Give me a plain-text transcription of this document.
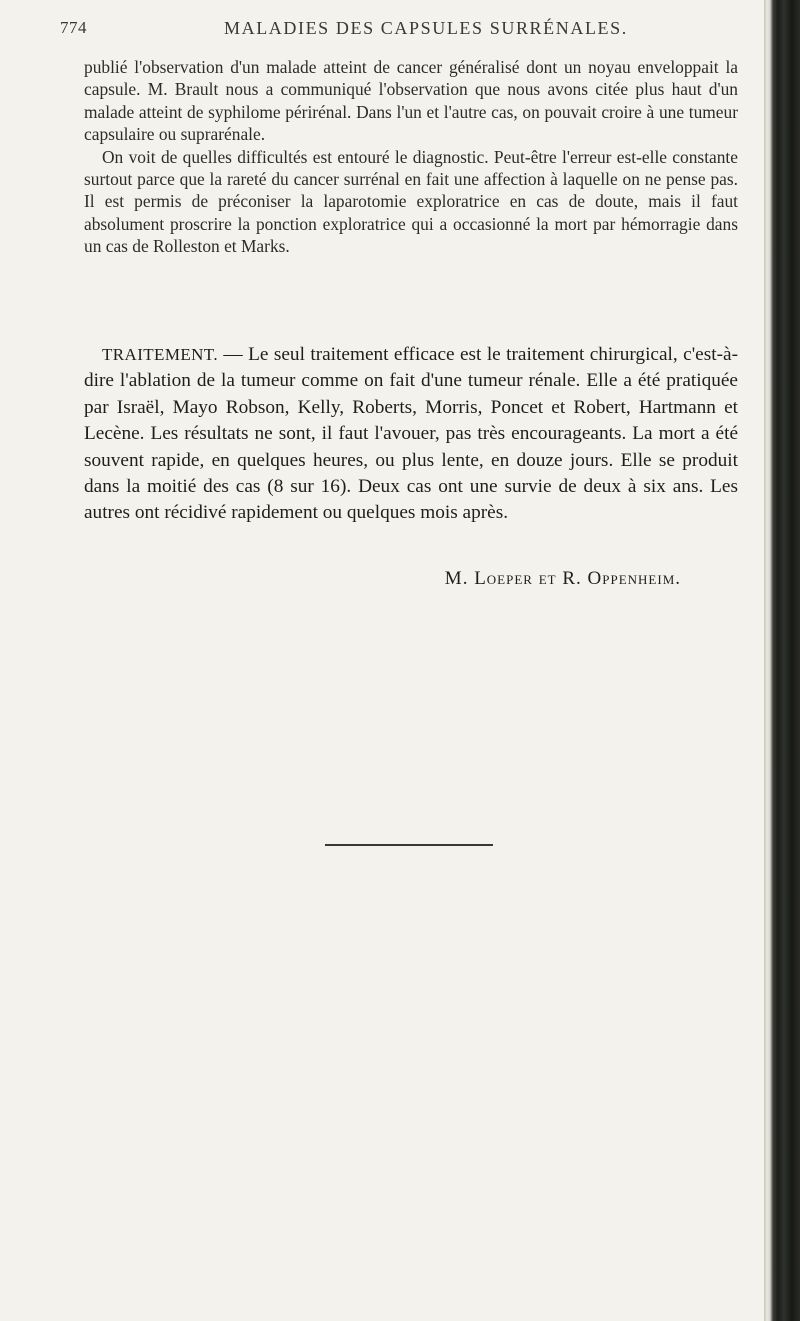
774	MALADIES DES CAPSULES SURRÉNALES.

publié l'observation d'un malade atteint de cancer généralisé dont un noyau enveloppait la capsule. M. Brault nous a communiqué l'observation que nous avons citée plus haut d'un malade atteint de syphilome périrénal. Dans l'un et l'autre cas, on pouvait croire à une tumeur capsulaire ou suprarénale.

On voit de quelles difficultés est entouré le diagnostic. Peut-être l'erreur est-elle constante surtout parce que la rareté du cancer surrénal en fait une affection à laquelle on ne pense pas. Il est permis de préconiser la laparotomie exploratrice en cas de doute, mais il faut absolument proscrire la ponction exploratrice qui a occasionné la mort par hémorragie dans un cas de Rolleston et Marks.

TRAITEMENT. — Le seul traitement efficace est le traitement chirurgical, c'est-à-dire l'ablation de la tumeur comme on fait d'une tumeur rénale. Elle a été pratiquée par Israël, Mayo Robson, Kelly, Roberts, Morris, Poncet et Robert, Hartmann et Lecène. Les résultats ne sont, il faut l'avouer, pas très encourageants. La mort a été souvent rapide, en quelques heures, ou plus lente, en douze jours. Elle se produit dans la moitié des cas (8 sur 16). Deux cas ont une survie de deux à six ans. Les autres ont récidivé rapidement ou quelques mois après.

M. Loeper et R. Oppenheim.
